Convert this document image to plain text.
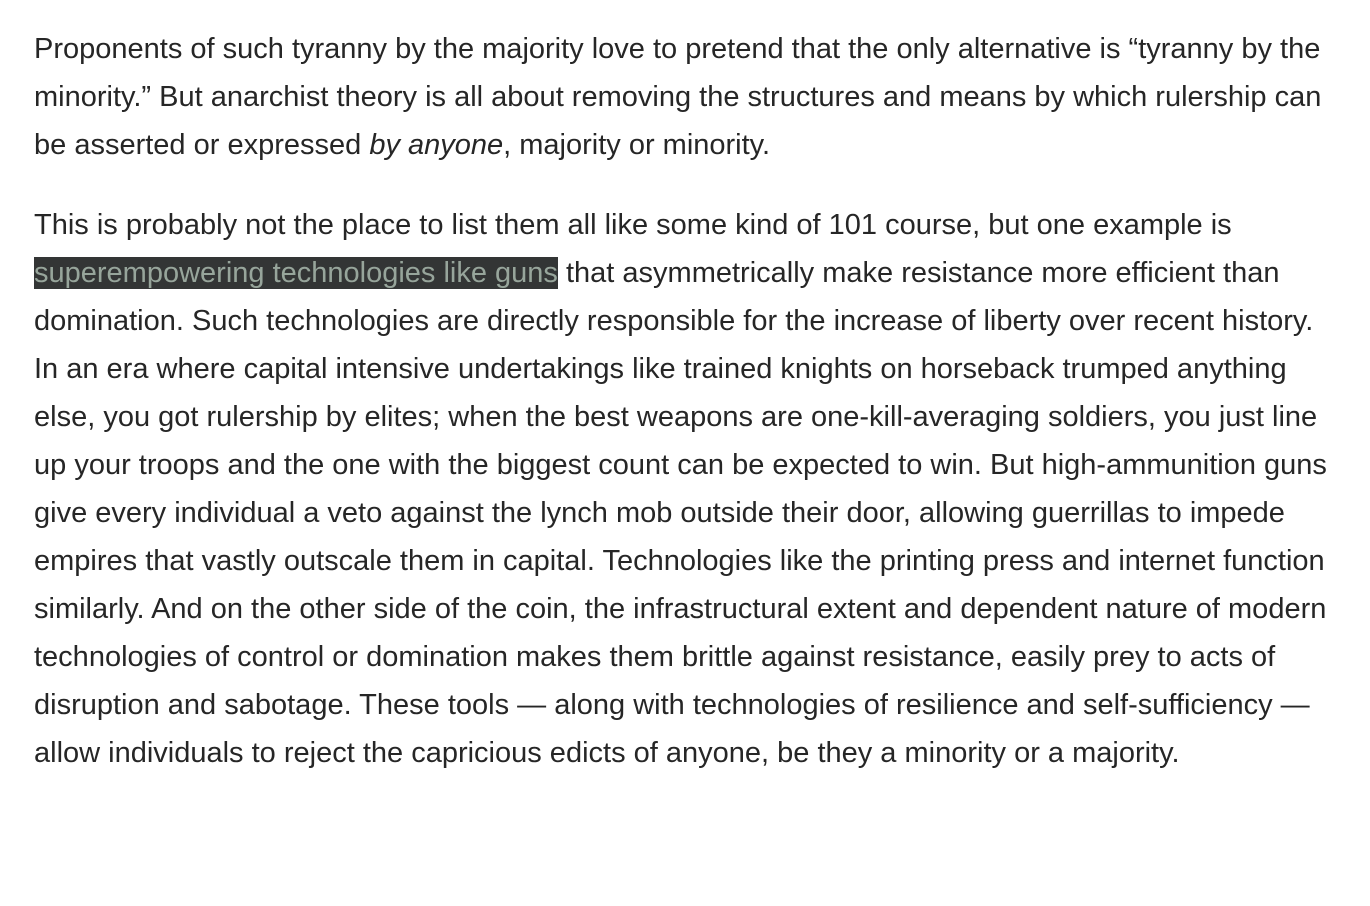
Proponents of such tyranny by the majority love to pretend that the only alternative is “tyranny by the minority.” But anarchist theory is all about removing the structures and means by which rulership can be asserted or expressed by anyone, majority or minority.

This is probably not the place to list them all like some kind of 101 course, but one example is superempowering technologies like guns that asymmetrically make resistance more efficient than domination. Such technologies are directly responsible for the increase of liberty over recent history. In an era where capital intensive undertakings like trained knights on horseback trumped anything else, you got rulership by elites; when the best weapons are one-kill-averaging soldiers, you just line up your troops and the one with the biggest count can be expected to win. But high-ammunition guns give every individual a veto against the lynch mob outside their door, allowing guerrillas to impede empires that vastly outscale them in capital. Technologies like the printing press and internet function similarly. And on the other side of the coin, the infrastructural extent and dependent nature of modern technologies of control or domination makes them brittle against resistance, easily prey to acts of disruption and sabotage. These tools — along with technologies of resilience and self-sufficiency — allow individuals to reject the capricious edicts of anyone, be they a minority or a majority.
